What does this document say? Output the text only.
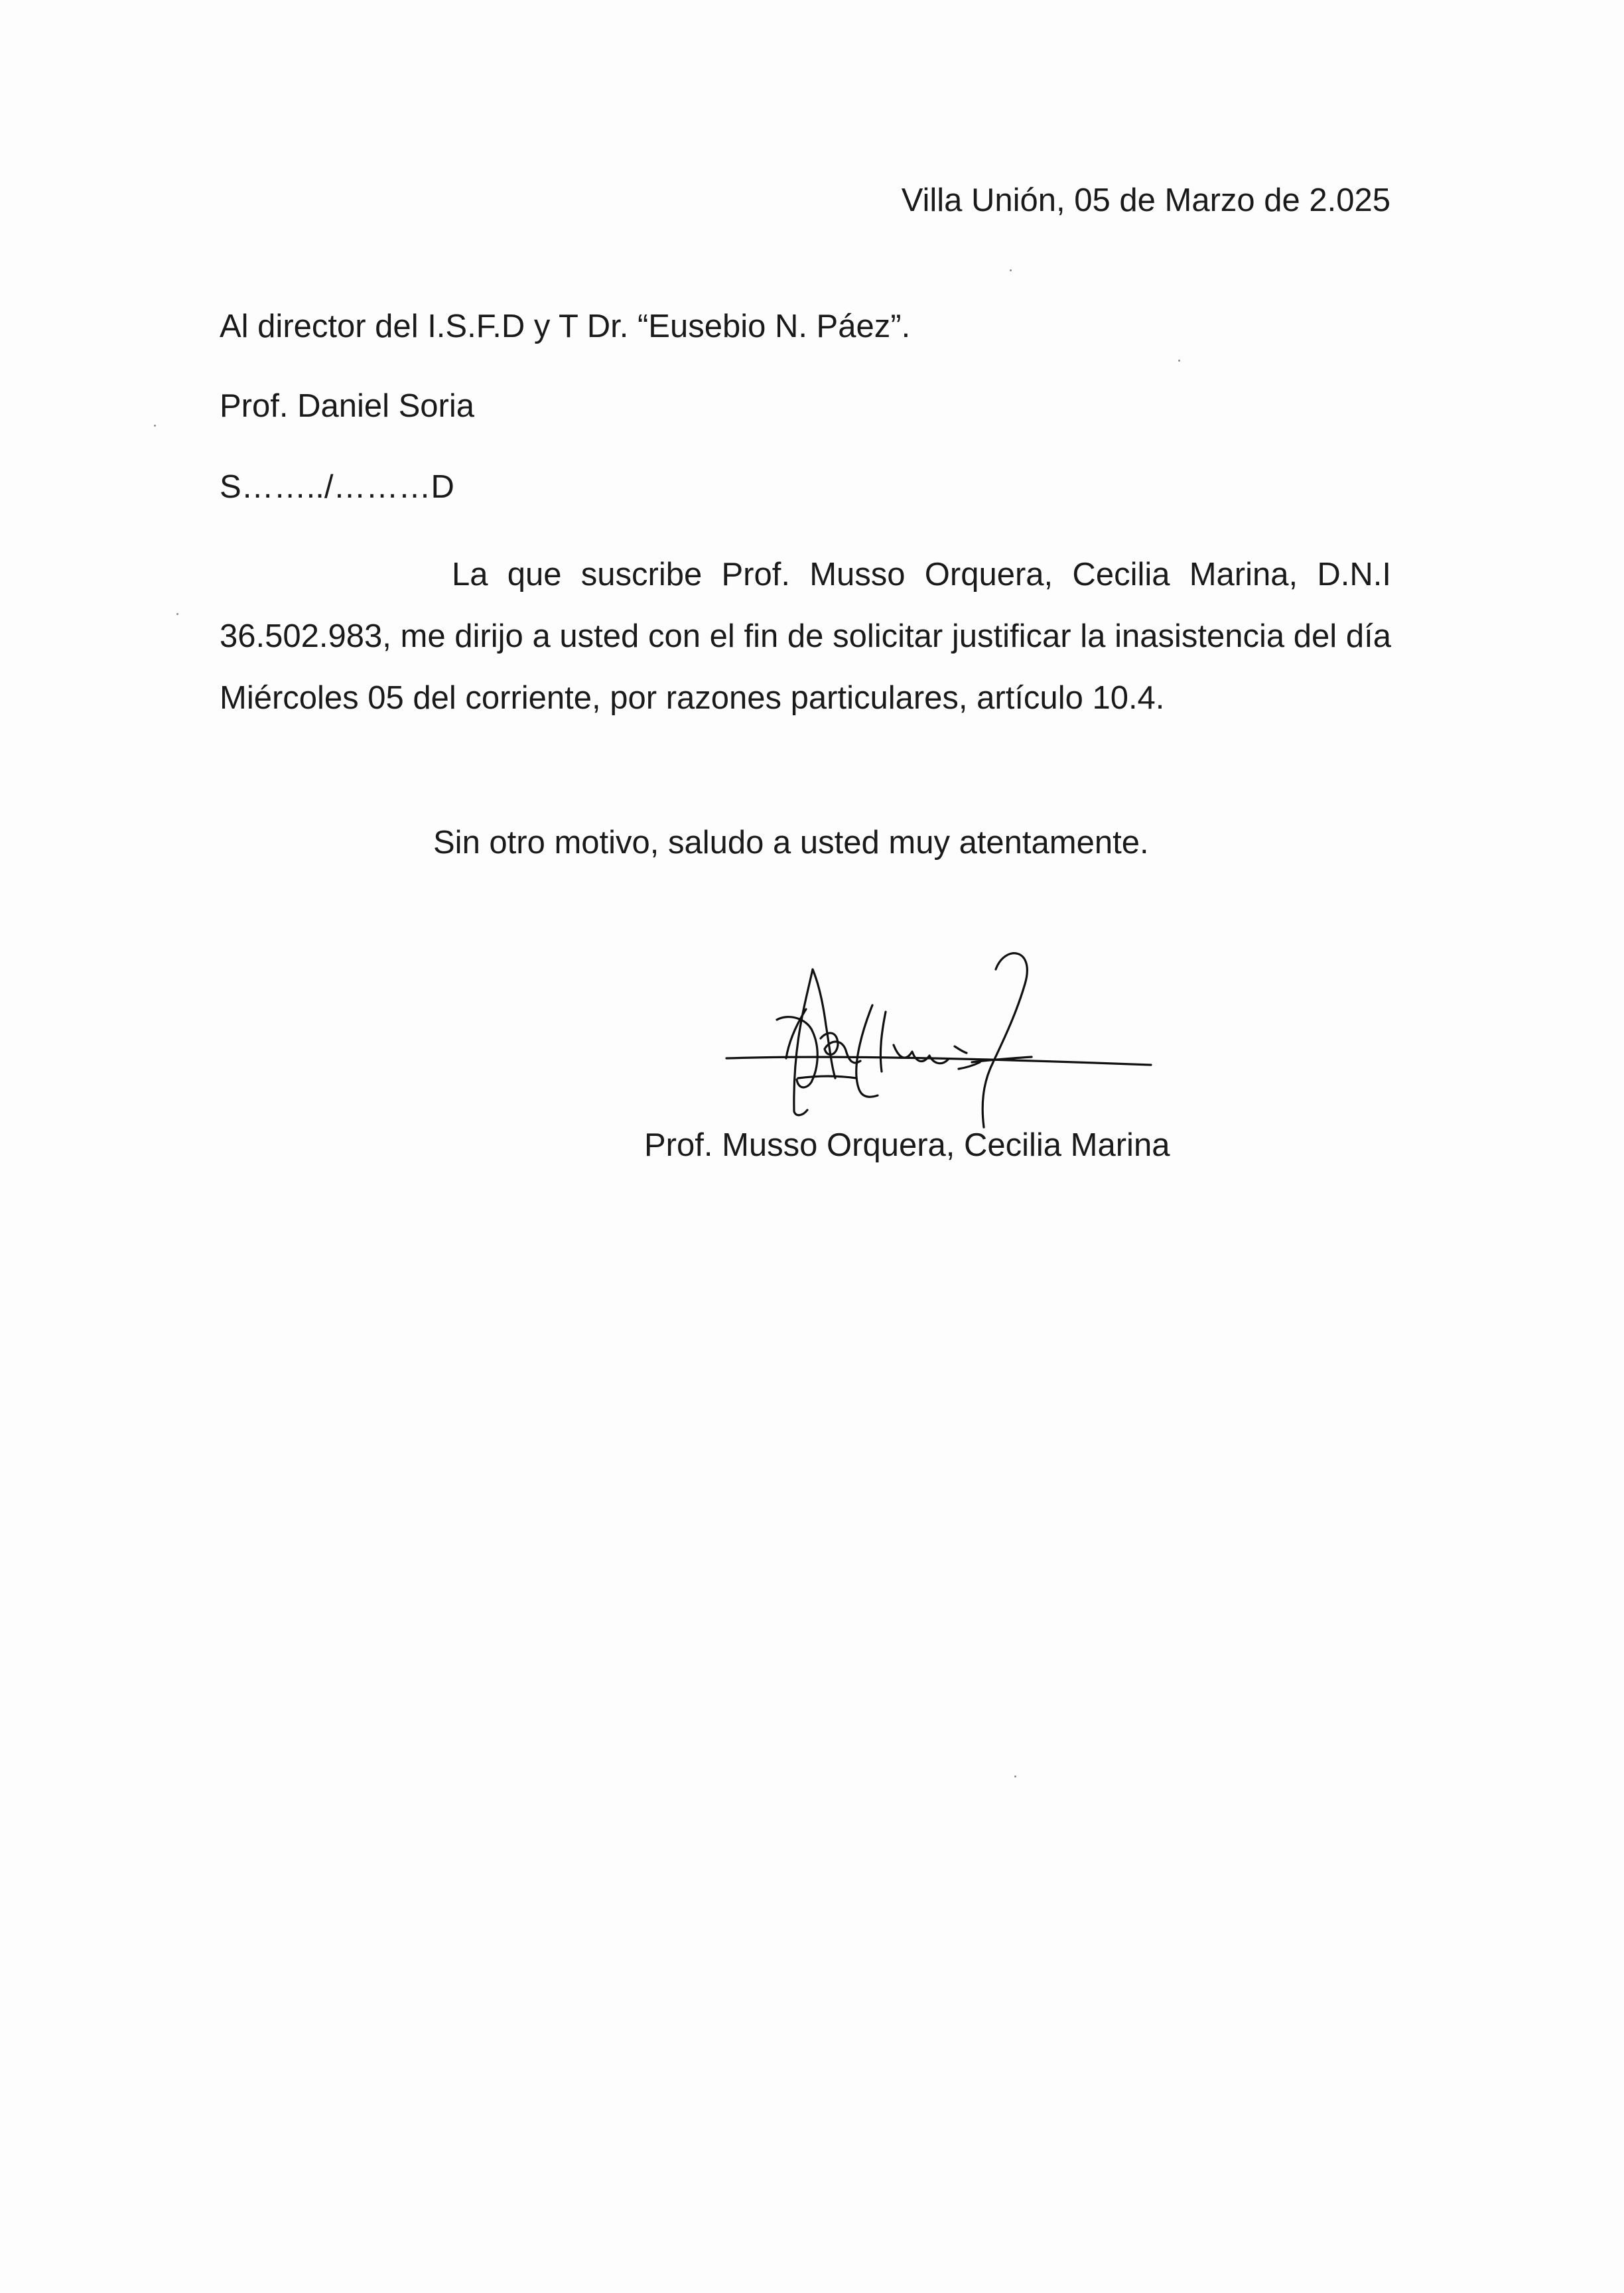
Villa Unión, 05 de Marzo de 2.025
Al director del I.S.F.D y T Dr. “Eusebio N. Páez”.
Prof. Daniel Soria
S……../………D
La que suscribe Prof. Musso Orquera, Cecilia Marina, D.N.I 36.502.983, me dirijo a usted con el fin de solicitar justificar la inasistencia del día Miércoles 05 del corriente, por razones particulares, artículo 10.4.
Sin otro motivo, saludo a usted muy atentamente.
Prof. Musso Orquera, Cecilia Marina
